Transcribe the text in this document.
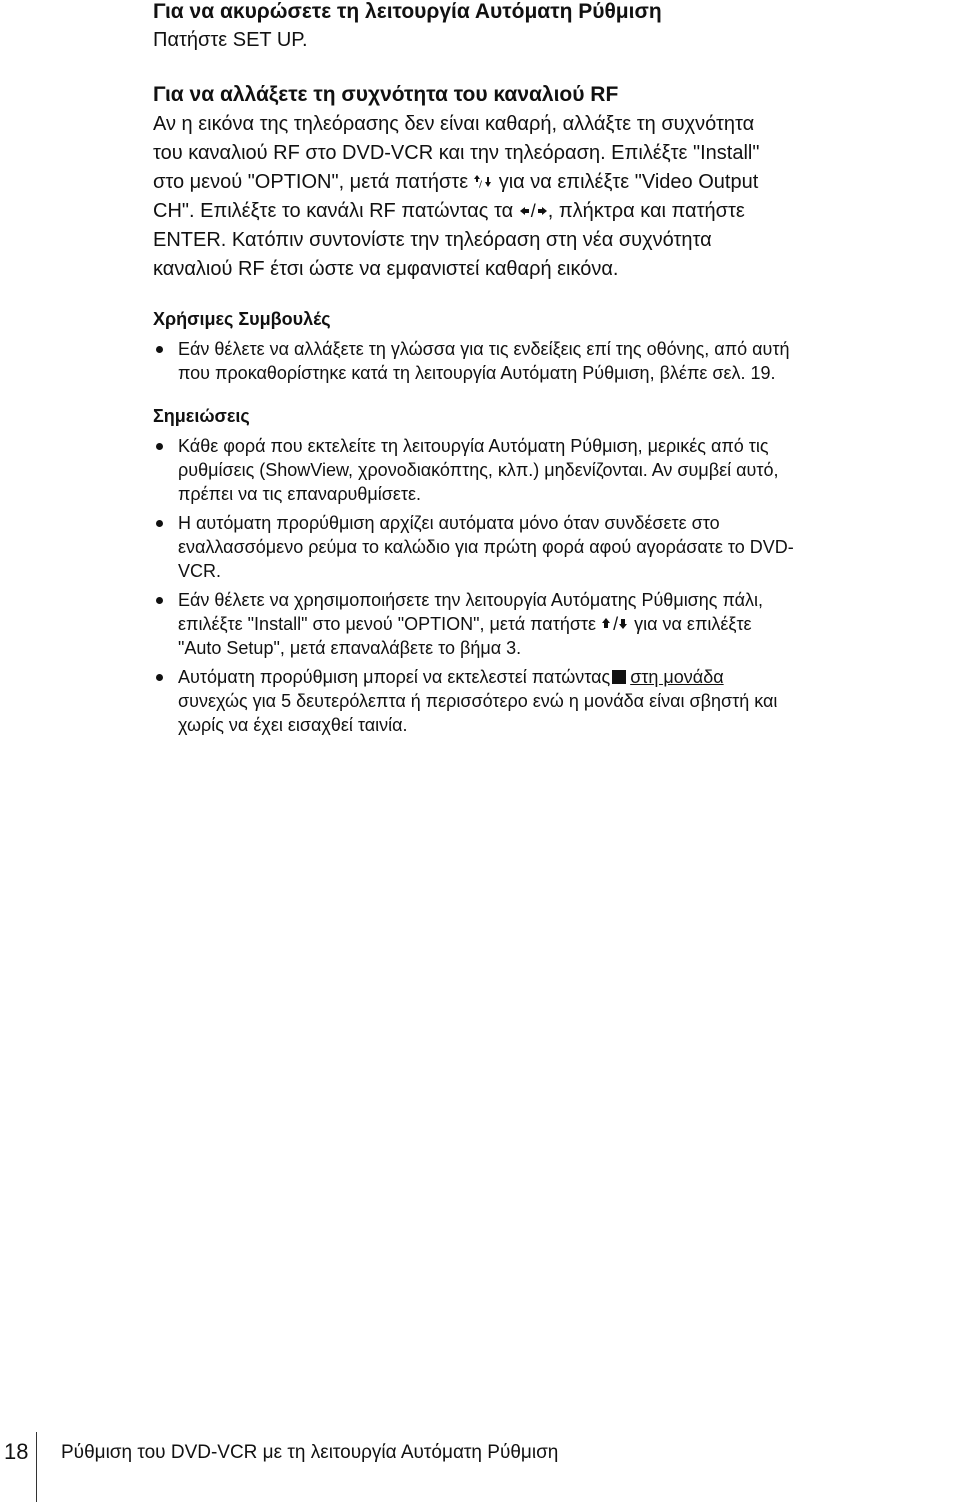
Για να ακυρώσετε τη λειτουργία Αυτόματη Ρύθμιση

Πατήστε SET UP.

Για να αλλάξετε τη συχνότητα του καναλιού RF

Αν η εικόνα της τηλεόρασης δεν είναι καθαρή, αλλάξτε τη συχνότητα

του καναλιού RF στο DVD-VCR και την τηλεόραση. Επιλέξτε "Install"

στο μενού "OPTION", μετά πατήστε / για να επιλέξτε "Video Output

CH". Επιλέξτε το κανάλι RF πατώντας τα / , πλήκτρα και πατήστε

ENTER. Κατόπιν συντονίστε την τηλεόραση στη νέα συχνότητα

καναλιού RF έτσι ώστε να εμφανιστεί καθαρή εικόνα.

Χρήσιμες Συμβουλές

Εάν θέλετε να αλλάξετε τη γλώσσα για τις ενδείξεις επί της οθόνης, από αυτή
που προκαθορίστηκε κατά τη λειτουργία Αυτόματη Ρύθμιση, βλέπε σελ. 19.

Σημειώσεις

Κάθε φορά που εκτελείτε τη λειτουργία Αυτόματη Ρύθμιση, μερικές από τις
ρυθμίσεις (ShowView, χρονοδιακόπτης, κλπ.) μηδενίζονται. Αν συμβεί αυτό,
πρέπει να τις επαναρυθμίσετε.
Η αυτόματη προρύθμιση αρχίζει αυτόματα μόνο όταν συνδέσετε στο
εναλλασσόμενο ρεύμα το καλώδιο για πρώτη φορά αφού αγοράσατε το DVD-
VCR.
Εάν θέλετε να χρησιμοποιήσετε την λειτουργία Αυτόματης Ρύθμισης πάλι,
επιλέξτε "Install" στο μενού "OPTION", μετά πατήστε / για να επιλέξτε
"Auto Setup", μετά επαναλάβετε το βήμα 3.
Αυτόματη προρύθμιση μπορεί να εκτελεστεί πατώντας στη μονάδα
συνεχώς για 5 δευτερόλεπτα ή περισσότερο ενώ η μονάδα είναι σβηστή και
χωρίς να έχει εισαχθεί ταινία.
18 Ρύθμιση του DVD-VCR με τη λειτουργία Αυτόματη Ρύθμιση
